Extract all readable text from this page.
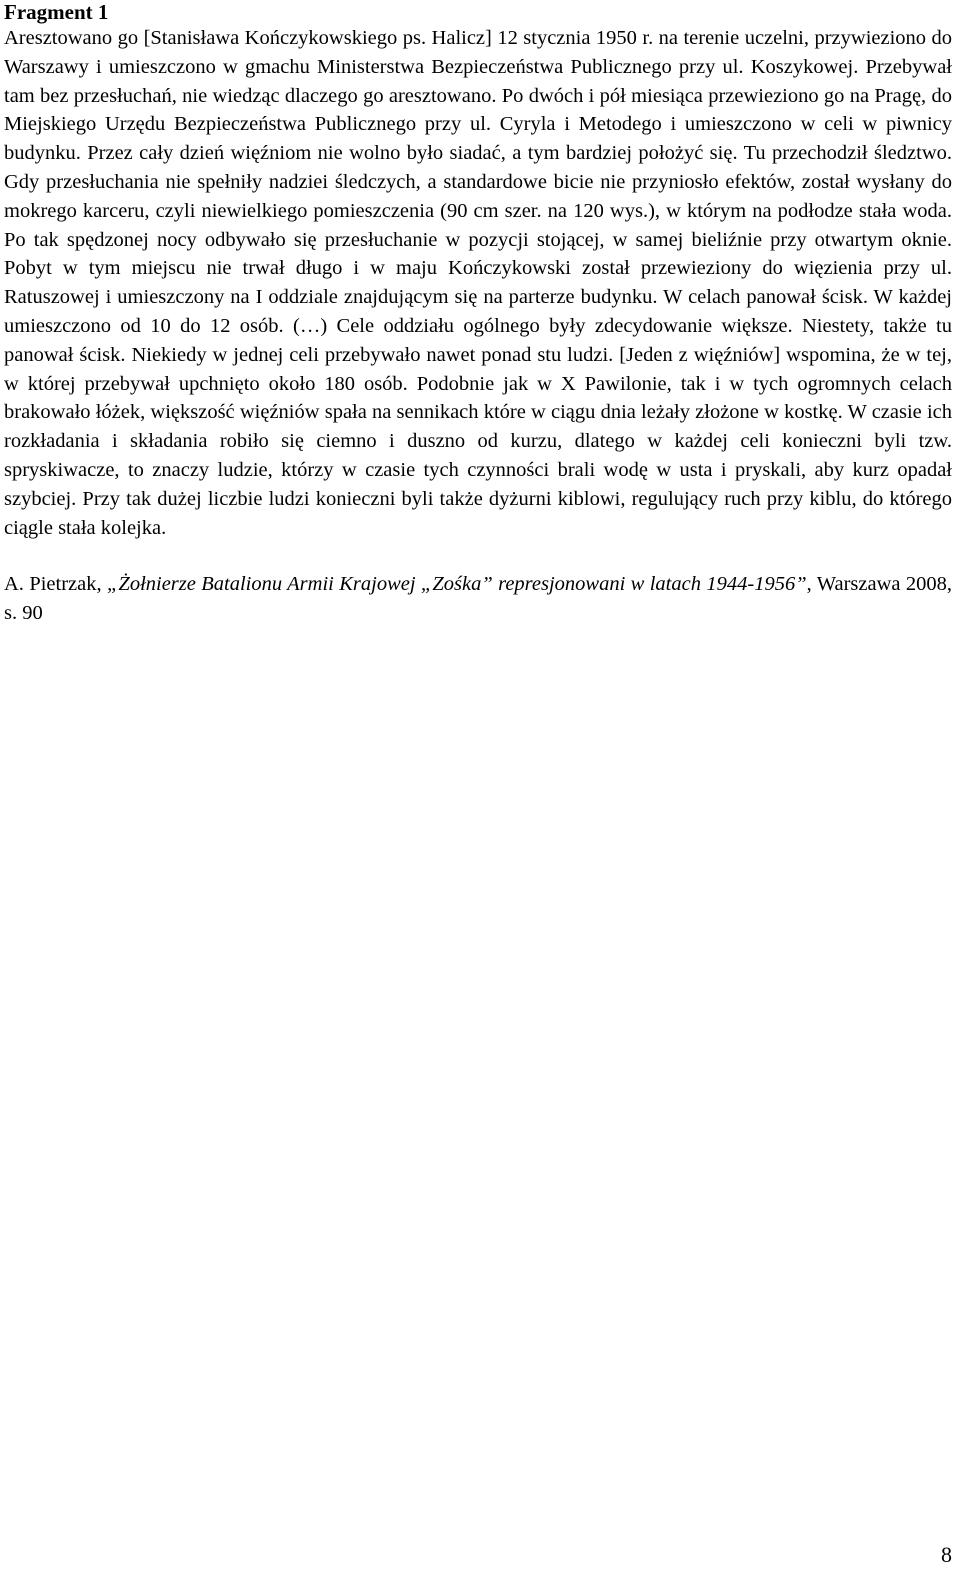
Fragment 1

Aresztowano go [Stanisława Kończykowskiego ps. Halicz] 12 stycznia 1950 r. na terenie uczelni, przywieziono do Warszawy i umieszczono w gmachu Ministerstwa Bezpieczeństwa Publicznego przy ul. Koszykowej. Przebywał tam bez przesłuchań, nie wiedząc dlaczego go aresztowano. Po dwóch i pół miesiąca przewieziono go na Pragę, do Miejskiego Urzędu Bezpieczeństwa Publicznego przy ul. Cyryla i Metodego i umieszczono w celi w piwnicy budynku. Przez cały dzień więźniom nie wolno było siadać, a tym bardziej położyć się. Tu przechodził śledztwo. Gdy przesłuchania nie spełniły nadziei śledczych, a standardowe bicie nie przyniosło efektów, został wysłany do mokrego karceru, czyli niewielkiego pomieszczenia (90 cm szer. na 120 wys.), w którym na podłodze stała woda. Po tak spędzonej nocy odbywało się przesłuchanie w pozycji stojącej, w samej bieliźnie przy otwartym oknie. Pobyt w tym miejscu nie trwał długo i w maju Kończykowski został przewieziony do więzienia przy ul. Ratuszowej i umieszczony na I oddziale znajdującym się na parterze budynku. W celach panował ścisk. W każdej umieszczono od 10 do 12 osób. (…) Cele oddziału ogólnego były zdecydowanie większe. Niestety, także tu panował ścisk. Niekiedy w jednej celi przebywało nawet ponad stu ludzi. [Jeden z więźniów] wspomina, że w tej, w której przebywał upchnięto około 180 osób. Podobnie jak w X Pawilonie, tak i w tych ogromnych celach brakowało łóżek, większość więźniów spała na sennikach które w ciągu dnia leżały złożone w kostkę. W czasie ich rozkładania i składania robiło się ciemno i duszno od kurzu, dlatego w każdej celi konieczni byli tzw. spryskiwacze, to znaczy ludzie, którzy w czasie tych czynności brali wodę w usta i pryskali, aby kurz opadał szybciej. Przy tak dużej liczbie ludzi konieczni byli także dyżurni kiblowi, regulujący ruch przy kiblu, do którego ciągle stała kolejka.

A. Pietrzak, „Żołnierze Batalionu Armii Krajowej „Zośka” represjonowani w latach 1944-1956”, Warszawa 2008, s. 90

8
